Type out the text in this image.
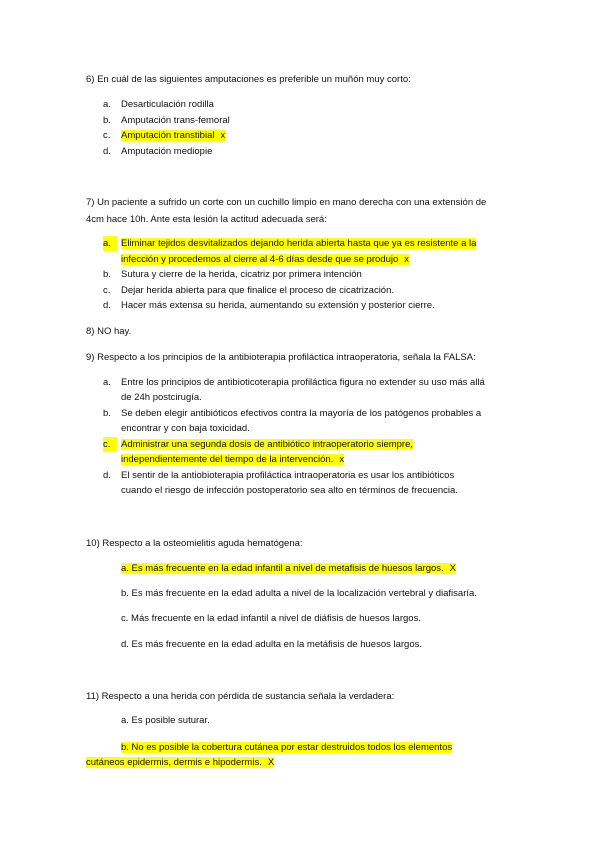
6) En cuál de las siguientes amputaciones es preferible un muñón muy corto:
a.	Desarticulación rodilla
b.	Amputación trans-femoral
c.	Amputación transtibial x
d.	Amputación mediopie
7) Un paciente a sufrido un corte con un cuchillo limpio en mano derecha con una extensión de
4cm hace 10h. Ante esta lesión la actitud adecuada será:
a.	Eliminar tejidos desvitalizados dejando herida abierta hasta que ya es resistente a la
infección y procedemos al cierre al 4-6 días desde que se produjo x
b.	Sutura y cierre de la herida, cicatriz por primera intención
c.	Dejar herida abierta para que finalice el proceso de cicatrización.
d.	Hacer más extensa su herida, aumentando su extensión y posterior cierre.
8) NO hay.
9) Respecto a los principios de la antibioterapia profiláctica intraoperatoria, señala la FALSA:
a.	Entre los principios de antibioticoterapia profiláctica figura no extender su uso más allá
de 24h postcirugía.
b.	Se deben elegir antibióticos efectivos contra la mayoría de los patógenos probables a
encontrar y con baja toxicidad.
c.	Administrar una segunda dosis de antibiótico intraoperatorio siempre,
independientemente del tiempo de la intervención. x
d.	El sentir de la antiobioterapia profiláctica intraoperatoria es usar los antibióticos
cuando el riesgo de infección postoperatorio sea alto en términos de frecuencia.
10) Respecto a la osteomielitis aguda hematógena:
a. Es más frecuente en la edad infantil a nivel de metafisis de huesos largos. X
b. Es más frecuente en la edad adulta a nivel de la localización vertebral y diafisaría.
c. Más frecuente en la edad infantil a nivel de diáfisis de huesos largos.
d. Es más frecuente en la edad adulta en la metáfisis de huesos largos.
11) Respecto a una herida con pérdida de sustancia señala la verdadera:
a. Es posible suturar.
b. No es posible la cobertura cutánea por estar destruidos todos los elementos
cutáneos epidermis, dermis e hipodermis. X
